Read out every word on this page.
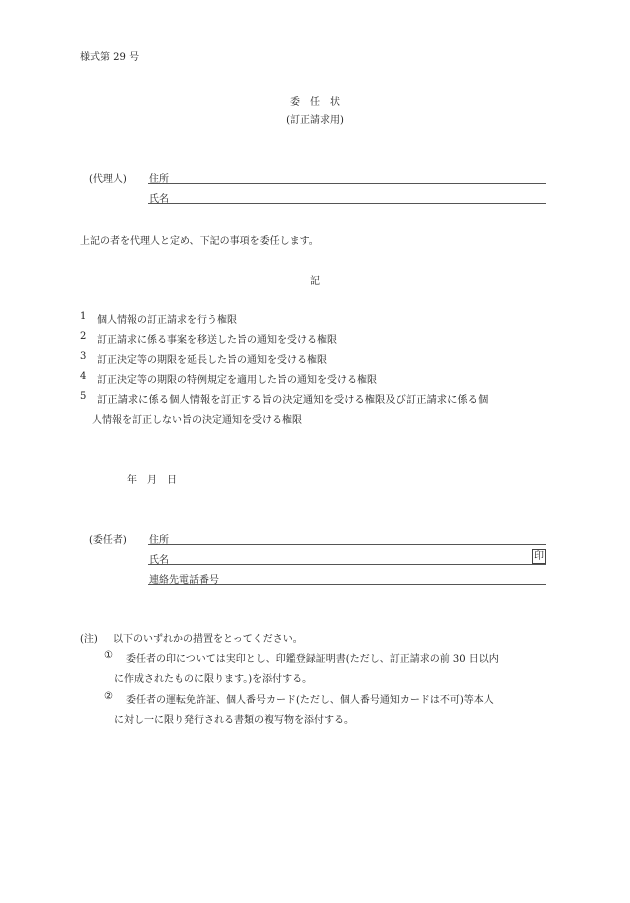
様式第 29 号
委　任　状
(訂正請求用)
(代理人) 住所
氏名
上記の者を代理人と定め、下記の事項を委任します。
記
1 個人情報の訂正請求を行う権限
2 訂正請求に係る事案を移送した旨の通知を受ける権限
3 訂正決定等の期限を延長した旨の通知を受ける権限
4 訂正決定等の期限の特例規定を適用した旨の通知を受ける権限
5 訂正請求に係る個人情報を訂正する旨の決定通知を受ける権限及び訂正請求に係る個
人情報を訂正しない旨の決定通知を受ける権限
年　月　日
(委任者) 住所
氏名	印
連絡先電話番号
(注) 以下のいずれかの措置をとってください。
① 委任者の印については実印とし、印鑑登録証明書(ただし、訂正請求の前 30 日以内
に作成されたものに限ります。)を添付する。
② 委任者の運転免許証、個人番号カード(ただし、個人番号通知カードは不可)等本人
に対し一に限り発行される書類の複写物を添付する。
